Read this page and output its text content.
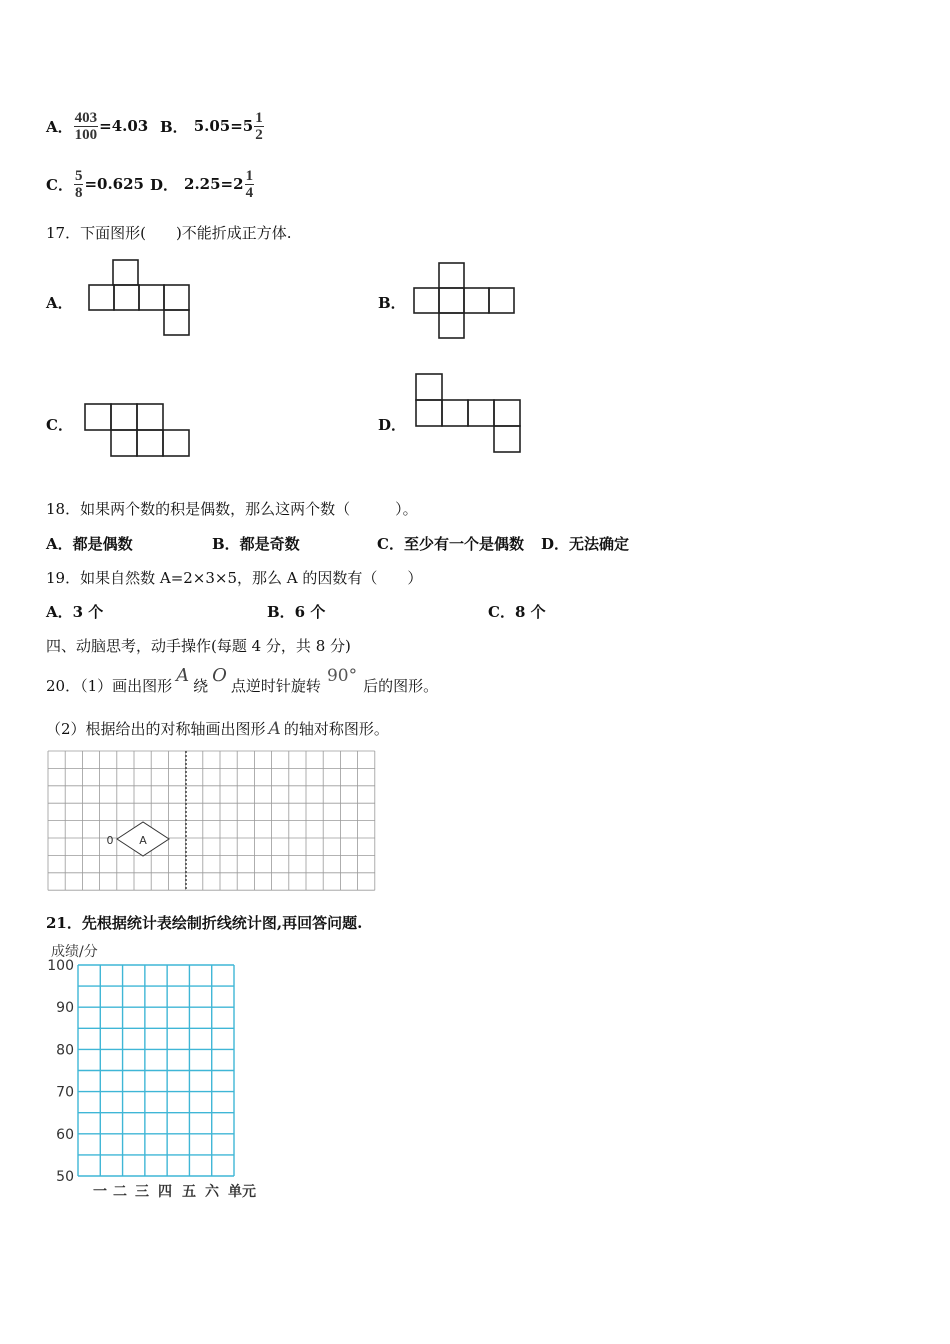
A． $\frac{403}{100} =4.03$ B． $5.05=5 \frac{1}{2}$
C． $\frac{5}{8} =0.625$ D． $2.25=2 \frac{1}{4}$
17．下面图形(　　)不能折成正方体.
A．	B．
C．	D．
18．如果两个数的积是偶数，那么这两个数（　　　）。
A．都是偶数	B．都是奇数	C．至少有一个是偶数 D．无法确定
19．如果自然数 A=2×3×5，那么 A 的因数有（　　）
A．3 个	B．6 个	C．8 个
四、动脑思考，动手操作(每题 4 分，共 8 分)
20．（1）画出图形 A 绕 O 点逆时针旋转 90° 后的图形。
（2）根据给出的对称轴画出图形 A 的轴对称图形。
A
0
21．先根据统计表绘制折线统计图,再回答问题.
成绩/分
100
90
80
70
60
50
一 二 三 四 五 六 单元
